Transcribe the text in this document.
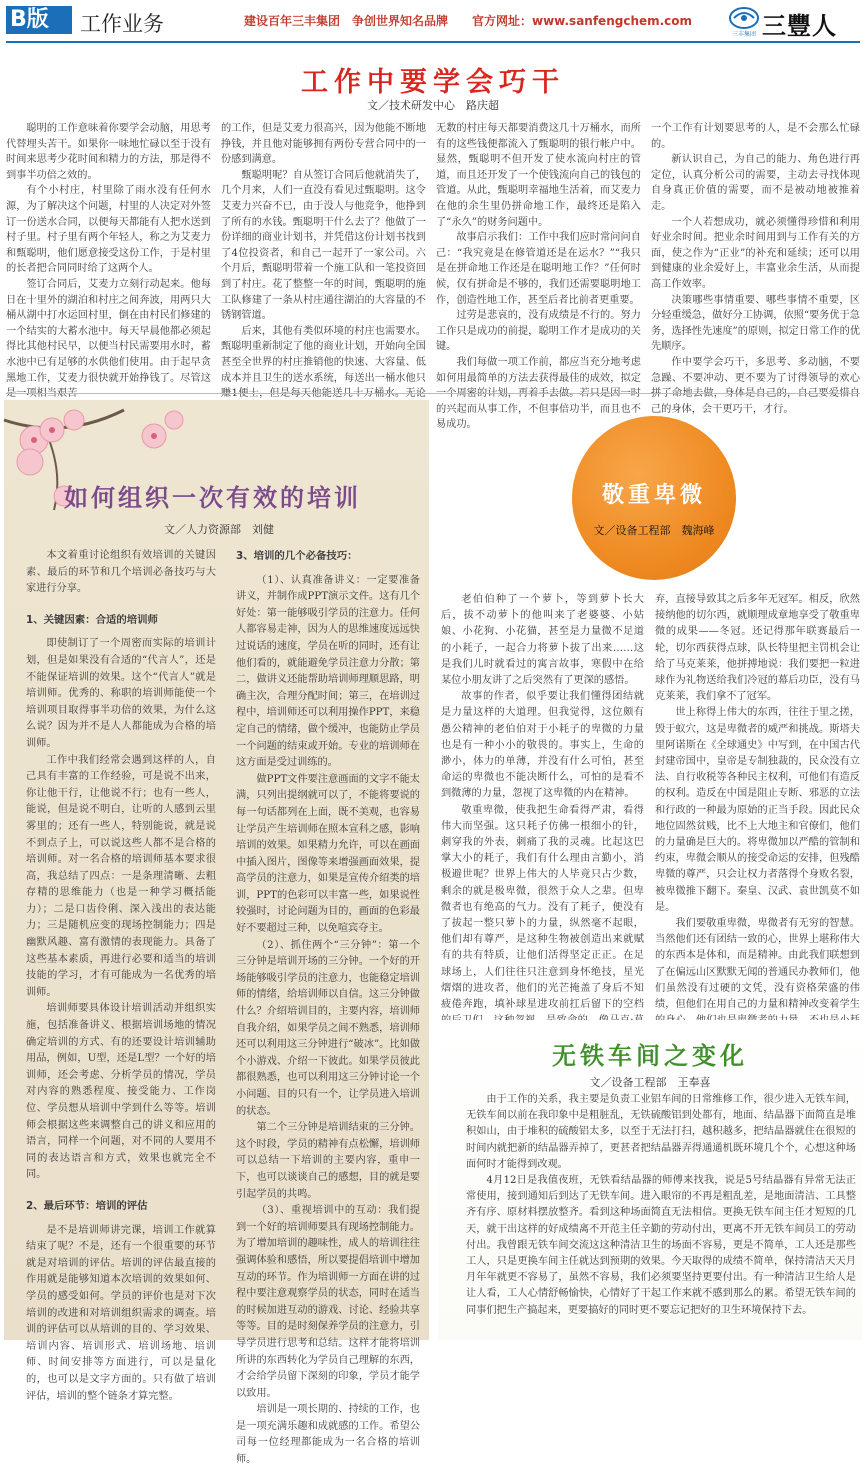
B版	工作业务	建设百年三丰集团　争创世界知名品牌 官方网址：www.sanfengchem.com
三丰集团 三豐人
工作中要学会巧干
文／技术研发中心　路庆超

聪明的工作意味着你要学会动脑，用思考代替埋头苦干。如果你一味地忙碌以至于没有时间来思考少花时间和精力的方法，那是得不到事半功倍之效的。

有个小村庄，村里除了雨水没有任何水源，为了解决这个问题，村里的人决定对外签订一份送水合同，以便每天都能有人把水送到村子里。村子里有两个年轻人，称之为艾麦力和甄聪明，他们愿意接受这份工作，于是村里的长者把合同同时给了这两个人。

签订合同后，艾麦力立刻行动起来。他每日在十里外的湖泊和村庄之间奔波，用两只大桶从湖中打水运回村里，倒在由村民们修建的一个结实的大蓄水池中。每天早晨他都必须起得比其他村民早，以便当村民需要用水时，蓄水池中已有足够的水供他们使用。由于起早贪黑地工作，艾麦力很快就开始挣钱了。尽管这

的工作，但是艾麦力很高兴，因为他能不断地挣钱，并且他对能够拥有两份专营合同中的一份感到满意。

甄聪明呢？自从签订合同后他就消失了，几个月来，人们一直没有看见过甄聪明。这令艾麦力兴奋不已，由于没人与他竞争，他挣到了所有的水钱。甄聪明干什么去了？他做了一份详细的商业计划书，并凭借这份计划书找到了4位投资者，和自己一起开了一家公司。六个月后，甄聪明带着一个施工队和一笔投资回到了村庄。花了整整一年的时间，甄聪明的施工队修建了一条从村庄通往湖泊的大容量的不锈钢管道。

后来，其他有类似环境的村庄也需要水。甄聪明重新制定了他的商业计划，开始向全国甚至全世界的村庄推销他的快速、大容量、低成本并且卫生的送水系统，每送出一桶水他只

无数的村庄每天都要消费这几十万桶水，而所有的这些钱便都流入了甄聪明的银行帐户中。显然，甄聪明不但开发了使水流向村庄的管道，而且还开发了一个使钱流向自己的钱包的管道。从此，甄聪明幸福地生活着，而艾麦力在他的余生里仍拼命地工作，最终还是陷入了“永久”的财务问题中。

故事启示我们：工作中我们应时常问问自己：“我究竟是在修管道还是在运水？”“我只是在拼命地工作还是在聪明地工作？”任何时候，仅有拼命是不够的，我们还需要聪明地工作，创造性地工作，甚至后者比前者更重要。

过劳是悲哀的，没有成绩是不行的。努力工作只是成功的前提，聪明工作才是成功的关键。

我们每做一项工作前，都应当充分地考虑如何用最简单的方法去获得最佳的成效，拟定 的兴起而从事工作，不但事倍功半，而且也不易成功。

一个工作有计划要思考的人，是不会那么忙碌的。

新认识自己，为自己的能力、角色进行再定位，认真分析公司的需要，主动去寻找体现自身真正价值的需要，而不是被动地被推着走。

一个人若想成功，就必须懂得珍惜和利用好业余时间。把业余时间用到与工作有关的方面，使之作为“正业”的补充和延续；还可以用到健康的业余爱好上，丰富业余生活，从而提高工作效率。

决策哪些事情重要、哪些事情不重要，区分轻重缓急，做好分工协调，依照“要务优于急务，选择性先速度”的原则，拟定日常工作的优先顺序。

作中要学会巧干，多思考、多动脑，不要急躁、不要冲动、更不要为了讨得领导的欢心 己的身体，会干更巧干，才行。

如何组织一次有效的培训
文／人力资源部　刘健

本文着重讨论组织有效培训的关键因素、最后的环节和几个培训必备技巧与大家进行分享。

1、关键因素：合适的培训师

即使制订了一个周密而实际的培训计划，但是如果没有合适的“代言人”，还是不能保证培训的效果。这个“代言人”就是培训师。优秀的、称职的培训师能使一个培训项目取得事半功倍的效果，为什么这么说？因为并不是人人都能成为合格的培训师。

工作中我们经常会遇到这样的人，自己具有丰富的工作经验，可是说不出来，你让他干行，让他说不行；也有一些人，能说，但是说不明白，让听的人感到云里雾里的；还有一些人，特别能说，就是说不到点子上，可以说这些人都不是合格的培训师。对一名合格的培训师基本要求很高，我总结了四点：一是条理清晰、去粗存精的思维能力（也是一种学习概括能力）；二是口齿伶俐、深入浅出的表达能力；三是随机应变的现场控制能力；四是幽默风趣、富有激情的表现能力。具备了这些基本素质，再进行必要和适当的培训技能的学习，才有可能成为一名优秀的培训师。

培训师要具体设计培训活动并组织实施，包括准备讲义、根据培训场地的情况确定培训的方式、有的还要设计培训辅助用品，例如，U型，还是L型？一个好的培训师，还会考虑、分析学员的情况，学员对内容的熟悉程度、接受能力、工作岗位、学员想从培训中学到什么等等。培训师会根据这些来调整自己的讲义和应用的语言，同样一个问题，对不同的人要用不同的表达语言和方式，效果也就完全不同。

2、最后环节：培训的评估

是不是培训师讲完课，培训工作就算结束了呢？不是，还有一个很重要的环节就是对培训的评估。培训的评估最直接的作用就是能够知道本次培训的效果如何、学员的感受如何。学员的评价也是对下次培训的改进和对培训组织需求的调查。培训的评估可以从培训的目的、学习效果、培训内容、培训形式、培训场地、培训师、时间安排等方面进行，可以是量化的，也可以是文字方面的。只有做了培训评估，培训的整个链条才算完整。

3、培训的几个必备技巧：

（1）、认真准备讲义：一定要准备讲义，并制作成PPT演示文件。这有几个好处：第一能够吸引学员的注意力。任何人都容易走神，因为人的思维速度远远快过说话的速度，学员在听的同时，还有让他们看的，就能避免学员注意力分散；第二，做讲义还能帮助培训师理顺思路，明确主次，合理分配时间；第三，在培训过程中，培训师还可以利用操作PPT，来稳定自己的情绪，做个缓冲，也能防止学员一个问题的结束或开始。专业的培训师在这方面是受过训练的。

做PPT文件要注意画面的文字不能太满，只列出提纲就可以了，不能将要说的每一句话都列在上面，既不美观，也容易让学员产生培训师在照本宣科之感，影响培训的效果。如果精力允许，可以在画面中插入图片，图像等来增强画面效果，提高学员的注意力，如果是宣传介绍类的培训，PPT的色彩可以丰富一些，如果说性较强时，讨论问题为目的，画面的色彩最好不要超过三种，以免喧宾夺主。

（2）、抓住两个“三分钟”：第一个三分钟是培训开场的三分钟。一个好的开场能够吸引学员的注意力，也能稳定培训师的情绪，给培训师以自信。这三分钟做什么？介绍培训目的，主要内容，培训师自我介绍，如果学员之间不熟悉，培训师还可以利用这三分钟进行“破冰”。比如做个小游戏、介绍一下彼此。如果学员彼此都很熟悉，也可以利用这三分钟讨论一个小问题、目的只有一个，让学员进入培训的状态。

第二个三分钟是培训结束的三分钟。这个时段，学员的精神有点松懈，培训师可以总结一下培训的主要内容，重申一下，也可以谈谈自己的感想，目的就是要引起学员的共鸣。

（3）、重视培训中的互动：我们提到一个好的培训师要具有现场控制能力。为了增加培训的趣味性，成人的培训往往强调体验和感悟，所以要提倡培训中增加互动的环节。作为培训师一方面在讲的过程中要注意观察学员的状态，同时在适当的时候加进互动的游戏、讨论、经验共享等等。目的是时刻保养学员的注意力，引导学员进行思考和总结。这样才能将培训所讲的东西转化为学员自己理解的东西，才会给学员留下深刻的印象，学员才能学以致用。

培训是一项长期的、持续的工作，也是一项充满乐趣和成就感的工作。希望公司每一位经理都能成为一名合格的培训师。

敬重卑微
文／设备工程部　魏海峰

老伯伯种了一个萝卜，等到萝卜长大后，拔不动萝卜的他叫来了老婆婆、小姑娘、小花狗、小花猫，甚至是力量微不足道的小耗子，一起合力将萝卜拔了出来……这是我们儿时就看过的寓言故事，寒假中在给某位小朋友讲了之后突然有了更深的感悟。

故事的作者，似乎要让我们懂得团结就是力量这样的大道理。但我觉得，这位颇有愚公精神的老伯伯对于小耗子的卑微的力量也是有一种小小的敬畏的。事实上，生命的渺小，体力的单薄，并没有什么可怕，甚至命运的卑微也不能决断什么，可怕的是看不到微薄的力量，忽视了这卑微的内在精神。

敬重卑微，使我把生命看得严肃，看得伟大而坚强。这只耗子仿佛一根细小的针，刺穿我的外表，刺痛了我的灵魂。比起这巴掌大小的耗子，我们有什么理由言勤小，消极避世呢？世界上伟大的人毕竟只占少数，剩余的就是极卑微，很然于众人之辈。但卑微者也有绝高的气力。没有了耗子，便没有了拔起一整只萝卜的力量，纵然毫不起眼，他们却有尊严，是这种生物被创造出来就赋有的共有特质，让他们活得坚定正正。在足球场上，人们往往只注意到身怀绝技，星光熠熠的进攻者，他们的光芒掩盖了身后不知疲倦奔跑，填补球星进攻前扛后留下的空档

弃，直接导致其之后多年无冠军。相反，欣然接纳他的切尔西，就顺理成章地享受了敬重卑微的成果——冬冠。还记得那年联赛最后一轮，切尔西获得点球，队长特里把主罚机会让给了马克莱莱，他拼搏地说：我们要把一粒进球作为礼物送给我们冷冠的幕后功臣，没有马克莱莱，我们拿不了冠军。

世上称得上伟大的东西，往往于里之搓，毁于蚁穴，这是卑微者的威严和挑战。斯塔夫里阿诺斯在《全球通史》中写到，在中国古代封建帝国中，皇帝是专制独裁的，民众没有立法、自行收税等各种民主权利，可他们有造反的权利。造反在中国是阻止专断、邪恶的立法和行政的一种最为原始的正当手段。因此民众地位固然贫贱，比不上大地主和官僚们，他们的力量确是巨大的。将卑微加以严酷的管制和约束，卑微会顺从的接受命运的安排，但残酷卑微的尊严，只会让权力者落得个身败名裂，被卑微推下翻下。秦皇、汉武、袁世凯莫不如是。

我们要敬重卑微，卑微者有无穷的智慧。当然他们还有团结一致的心，世界上堪称伟大的东西本是体和，而是精神。由此我们联想到了在偏远山区默默无闻的普通民办教师们，他们虽然没有过硬的文凭，没有资格荣盛的伟绩，但他们在用自己的力量和精神改变着学生

无铁车间之变化
文／设备工程部　王奉喜

由于工作的关系，我主要是负责工业铝车间的日常维修工作，很少进入无铁车间，无铁车间以前在我印象中是粗脏乱，无铁硫酸铝到处都有，地面、结晶器下面简直是堆积如山，由于堆积的硫酸铝太多，以至于无法打扫，越积越多，把结晶器就住在很短的时间内就把新的结晶器弄掉了，更甚者把结晶器弄得通通机既环境几个个，心想这种场面何时才能得到改观。

4月12日是我值夜班，无铁看结晶器的师傅来找我，说是5号结晶器有异常无法正常使用，接到通知后到达了无铁车间。进入眼帘的不再是粗乱差，是地面清洁、工具整齐有序、原材料摆放整齐。看到这种场面简直无法相信。更换无铁车间主任才短短的几天，就干出这样的好成绩离不开范主任辛勤的劳动付出，更离不开无铁车间员工的劳动付出。我曾跟无铁车间交流这这种清洁卫生的场面不容易，更是不简单，工人还是那些工人，只是更换车间主任就达到预期的效果。今天取得的成绩不简单，保持清洁天天月月年年就更不容易了，虽然不容易，我们必须要坚持更要付出。有一种清洁卫生给人是让人看，工人心情舒畅愉快，心情好了干起工作来就不感到那么的累。希望无铁车间的同事们把生产搞起来，更要搞好的同时更不要忘记把好的卫生环境保持下去。
